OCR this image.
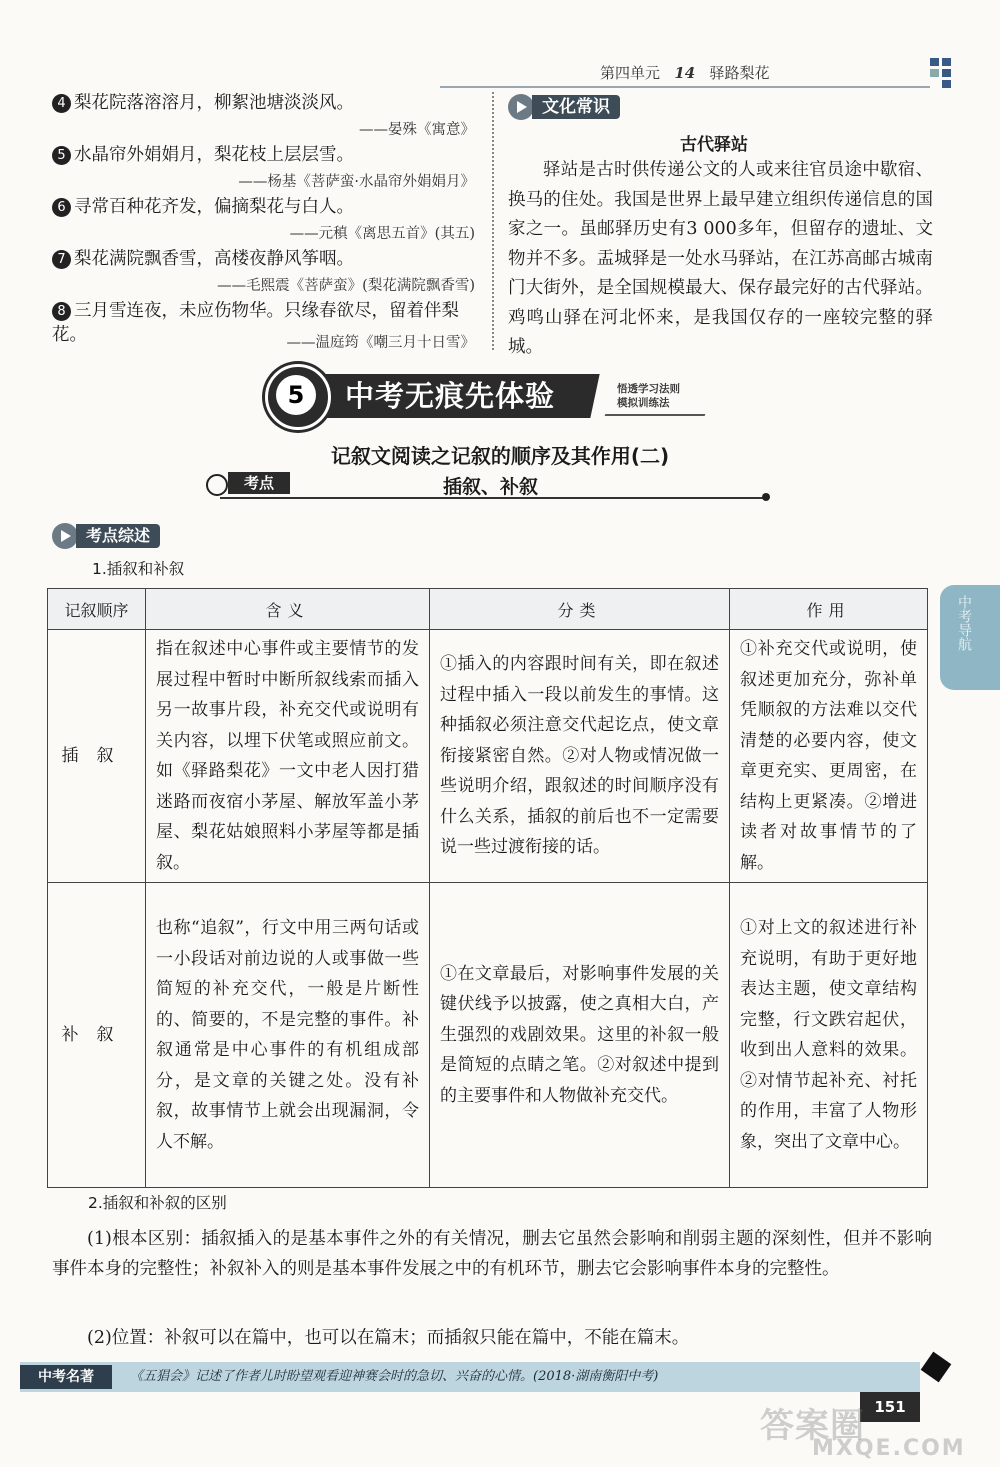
第四单元 14 驿路梨花
4 梨花院落溶溶月，柳絮池塘淡淡风。
——晏殊《寓意》
5 水晶帘外娟娟月，梨花枝上层层雪。
——杨基《菩萨蛮·水晶帘外娟娟月》
6 寻常百种花齐发，偏摘梨花与白人。
——元稹《离思五首》(其五)
7 梨花满院飘香雪，高楼夜静风筝咽。
——毛熙震《菩萨蛮》(梨花满院飘香雪)
8 三月雪连夜，未应伤物华。只缘春欲尽，留着伴梨花。	——温庭筠《嘲三月十日雪》
文化常识
古代驿站
驿站是古时供传递公文的人或来往官员途中歇宿、换马的住处。我国是世界上最早建立组织传递信息的国家之一。虽邮驿历史有3 000多年，但留存的遗址、文物并不多。盂城驿是一处水马驿站，在江苏高邮古城南门大街外，是全国规模最大、保存最完好的古代驿站。鸡鸣山驿在河北怀来，是我国仅存的一座较完整的驿城。
5	中考无痕先体验	悟透学习法则
模拟训练法
记叙文阅读之记叙的顺序及其作用(二)
考点	插叙、补叙
考点综述
1.插叙和补叙
中考导航
记叙顺序	含义	分类	作用
插叙	指在叙述中心事件或主要情节的发展过程中暂时中断所叙线索而插入另一故事片段，补充交代或说明有关内容，以埋下伏笔或照应前文。如《驿路梨花》一文中老人因打猎迷路而夜宿小茅屋、解放军盖小茅屋、梨花姑娘照料小茅屋等都是插叙。	①插入的内容跟时间有关，即在叙述过程中插入一段以前发生的事情。这种插叙必须注意交代起讫点，使文章衔接紧密自然。②对人物或情况做一些说明介绍，跟叙述的时间顺序没有什么关系，插叙的前后也不一定需要说一些过渡衔接的话。	①补充交代或说明，使叙述更加充分，弥补单凭顺叙的方法难以交代清楚的必要内容，使文章更充实、更周密，在结构上更紧凑。②增进读者对故事情节的了解。
补叙	也称“追叙”，行文中用三两句话或一小段话对前边说的人或事做一些简短的补充交代，一般是片断性的、简要的，不是完整的事件。补叙通常是中心事件的有机组成部分，是文章的关键之处。没有补叙，故事情节上就会出现漏洞，令人不解。	①在文章最后，对影响事件发展的关键伏线予以披露，使之真相大白，产生强烈的戏剧效果。这里的补叙一般是简短的点睛之笔。②对叙述中提到的主要事件和人物做补充交代。	①对上文的叙述进行补充说明，有助于更好地表达主题，使文章结构完整，行文跌宕起伏，收到出人意料的效果。②对情节起补充、衬托的作用，丰富了人物形象，突出了文章中心。
2.插叙和补叙的区别
(1)根本区别：插叙插入的是基本事件之外的有关情况，删去它虽然会影响和削弱主题的深刻性，但并不影响事件本身的完整性；补叙补入的则是基本事件发展之中的有机环节，删去它会影响事件本身的完整性。
(2)位置：补叙可以在篇中，也可以在篇末；而插叙只能在篇中，不能在篇末。
中考名著	《五猖会》记述了作者儿时盼望观看迎神赛会时的急切、兴奋的心情。(2018·湖南衡阳中考)
151
答案圈
MXQE.COM
